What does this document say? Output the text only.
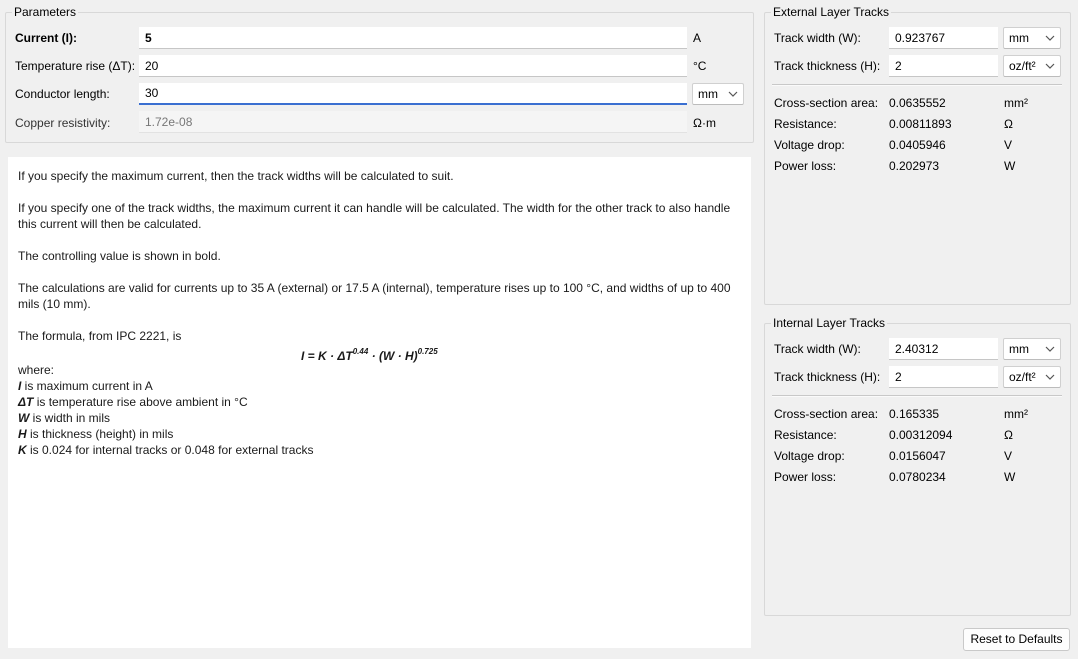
Parameters
Current (I):
5	A
Temperature rise (ΔT):
20	°C
Conductor length:
30	mm
Copper resistivity:
1.72e-08	Ω·m

If you specify the maximum current, then the track widths will be calculated to suit.

If you specify one of the track widths, the maximum current it can handle will be calculated. The width for the other track to also handle this current will then be calculated.

The controlling value is shown in bold.

The calculations are valid for currents up to 35 A (external) or 17.5 A (internal), temperature rises up to 100 °C, and widths of up to 400 mils (10 mm).

The formula, from IPC 2221, is

$I = K \cdot \Delta T^{0.44} \cdot (W \cdot H)^{0.725}$

where:

I is maximum current in A
ΔT is temperature rise above ambient in °C
W is width in mils
H is thickness (height) in mils
K is 0.024 for internal tracks or 0.048 for external tracks
External Layer Tracks
Track width (W):
0.923767	mm
Track thickness (H):
2	oz/ft²
Cross-section area: 0.0635552	mm²
Resistance:	0.00811893	Ω
Voltage drop:	0.0405946	V
Power loss:	0.202973	W
Internal Layer Tracks
Track width (W):
2.40312	mm
Track thickness (H):
2	oz/ft²
Cross-section area: 0.165335	mm²
Resistance:	0.00312094	Ω
Voltage drop:	0.0156047	V
Power loss:	0.0780234	W
Reset to Defaults
